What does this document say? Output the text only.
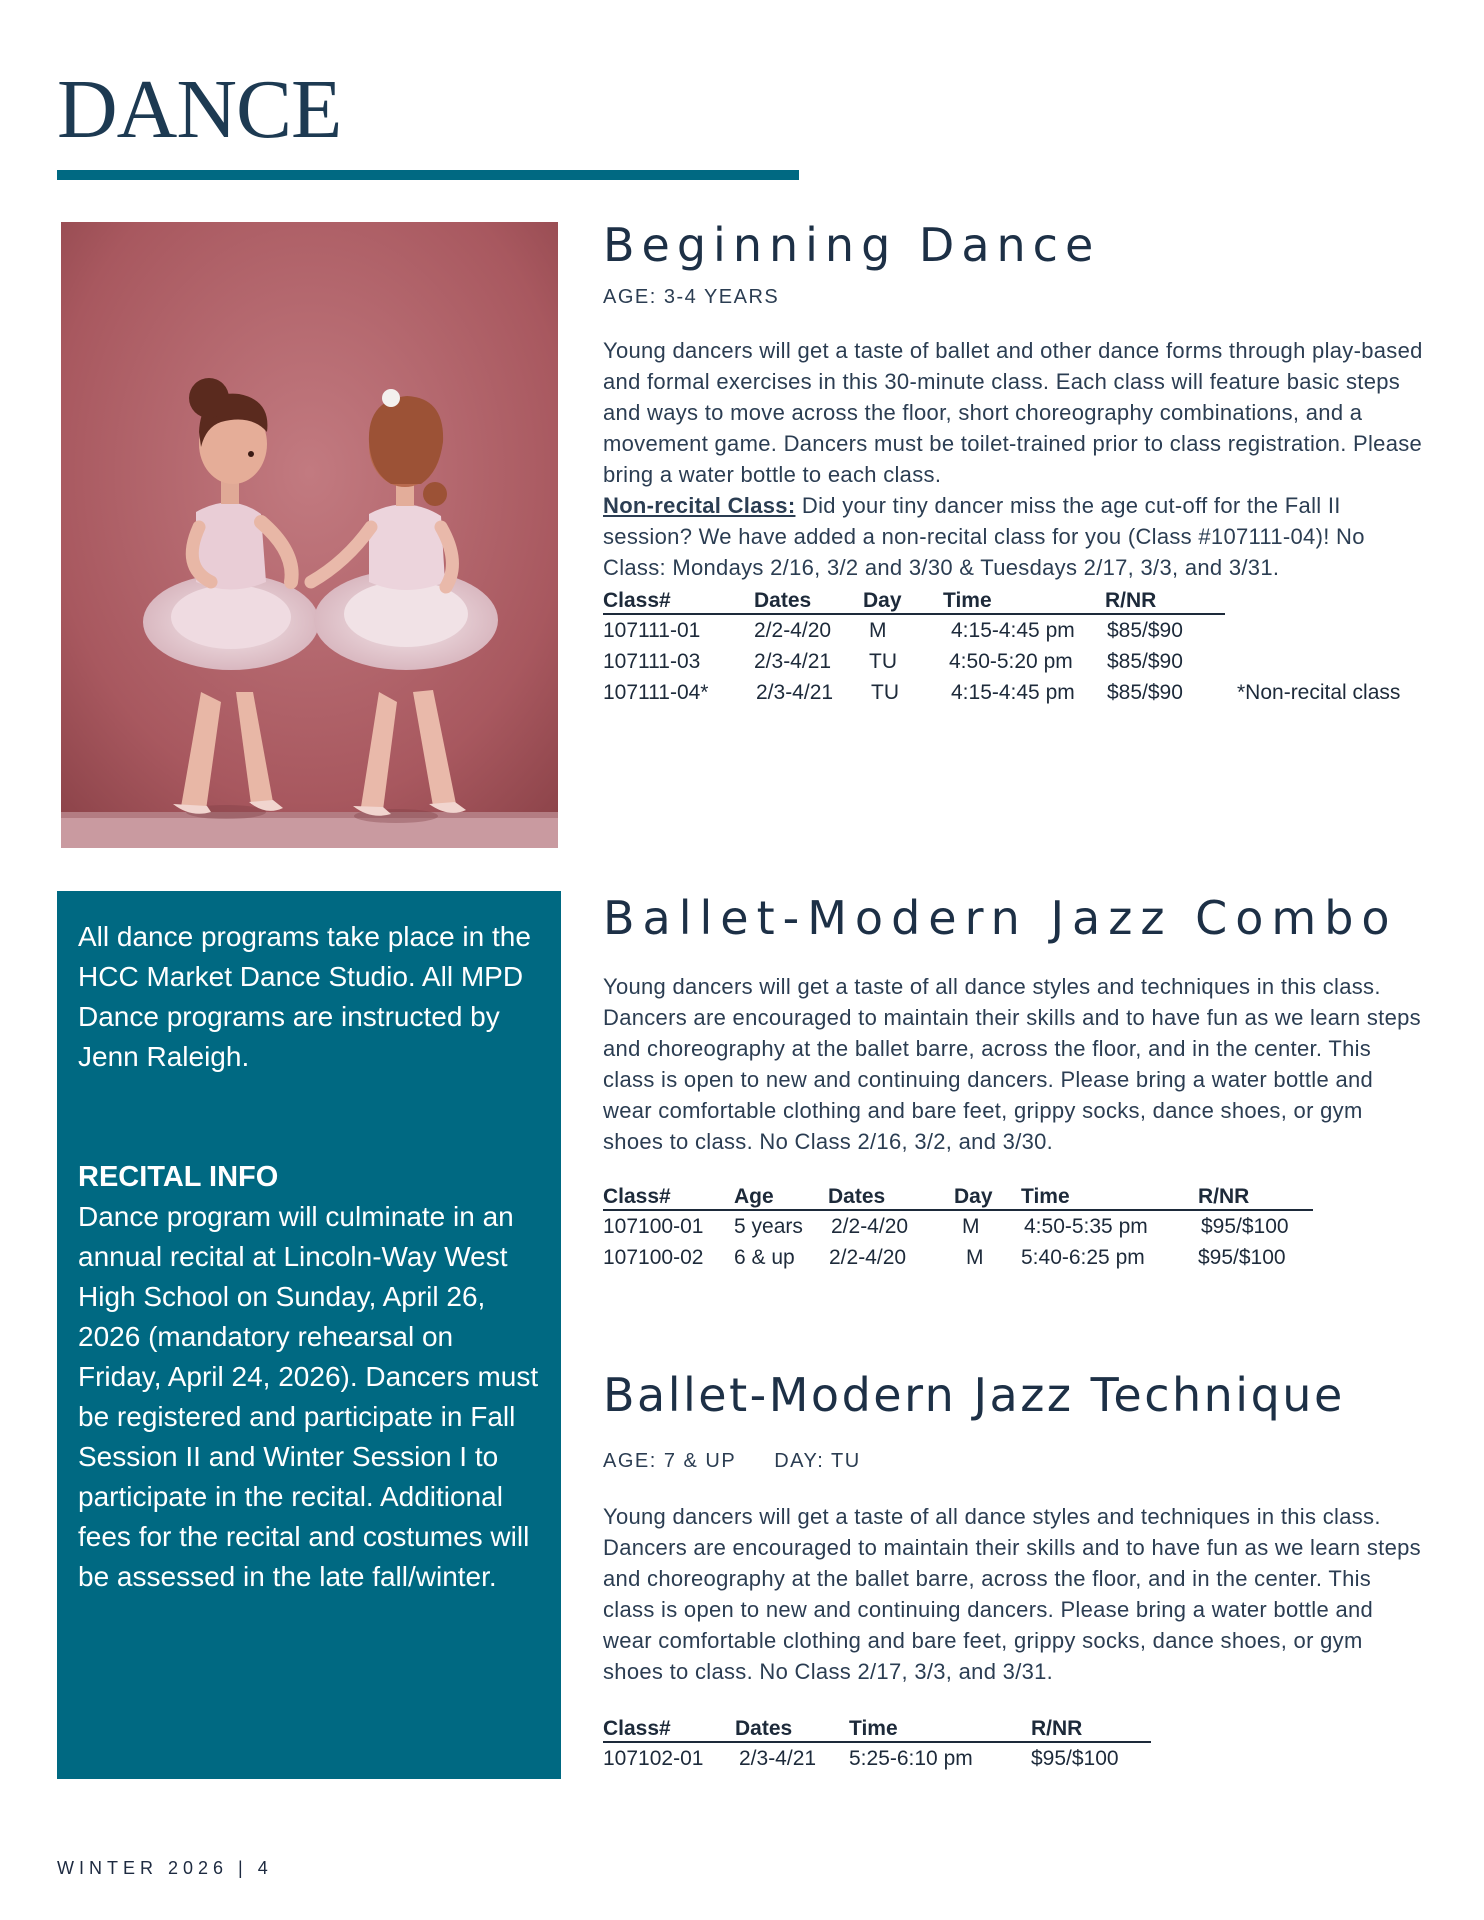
DANCE

All dance programs take place in the HCC Market Dance Studio. All MPD Dance programs are instructed by Jenn Raleigh.

RECITAL INFO

Dance program will culminate in an annual recital at Lincoln-Way West High School on Sunday, April 26, 2026 (mandatory rehearsal on Friday, April 24, 2026). Dancers must be registered and participate in Fall Session II and Winter Session I to participate in the recital. Additional fees for the recital and costumes will be assessed in the late fall/winter.

Beginning Dance
AGE: 3-4 YEARS

Young dancers will get a taste of ballet and other dance forms through play-based and formal exercises in this 30-minute class. Each class will feature basic steps and ways to move across the floor, short choreography combinations, and a movement game. Dancers must be toilet-trained prior to class registration. Please bring a water bottle to each class.
Non-recital Class: Did your tiny dancer miss the age cut-off for the Fall II session? We have added a non-recital class for you (Class #107111-04)! No Class: Mondays 2/16, 3/2 and 3/30 & Tuesdays 2/17, 3/3, and 3/31.

Class#	Dates	Day	Time	R/NR	
107111-01	2/2-4/20	M	4:15-4:45 pm	$85/$90	
107111-03	2/3-4/21	TU	4:50-5:20 pm	$85/$90	
107111-04*	2/3-4/21	TU	4:15-4:45 pm	$85/$90	*Non-recital class
Ballet-Modern Jazz Combo

Young dancers will get a taste of all dance styles and techniques in this class. Dancers are encouraged to maintain their skills and to have fun as we learn steps and choreography at the ballet barre, across the floor, and in the center. This class is open to new and continuing dancers. Please bring a water bottle and wear comfortable clothing and bare feet, grippy socks, dance shoes, or gym shoes to class. No Class 2/16, 3/2, and 3/30.

Class#	Age	Dates	Day	Time	R/NR
107100-01	5 years	2/2-4/20	M	4:50-5:35 pm	$95/$100
107100-02	6 & up	2/2-4/20	M	5:40-6:25 pm	$95/$100
Ballet-Modern Jazz Technique
AGE: 7 & UP DAY: TU

Young dancers will get a taste of all dance styles and techniques in this class. Dancers are encouraged to maintain their skills and to have fun as we learn steps and choreography at the ballet barre, across the floor, and in the center. This class is open to new and continuing dancers. Please bring a water bottle and wear comfortable clothing and bare feet, grippy socks, dance shoes, or gym shoes to class. No Class 2/17, 3/3, and 3/31.

Class#	Dates	Time	R/NR
107102-01	2/3-4/21	5:25-6:10 pm	$95/$100
WINTER 2026 | 4
